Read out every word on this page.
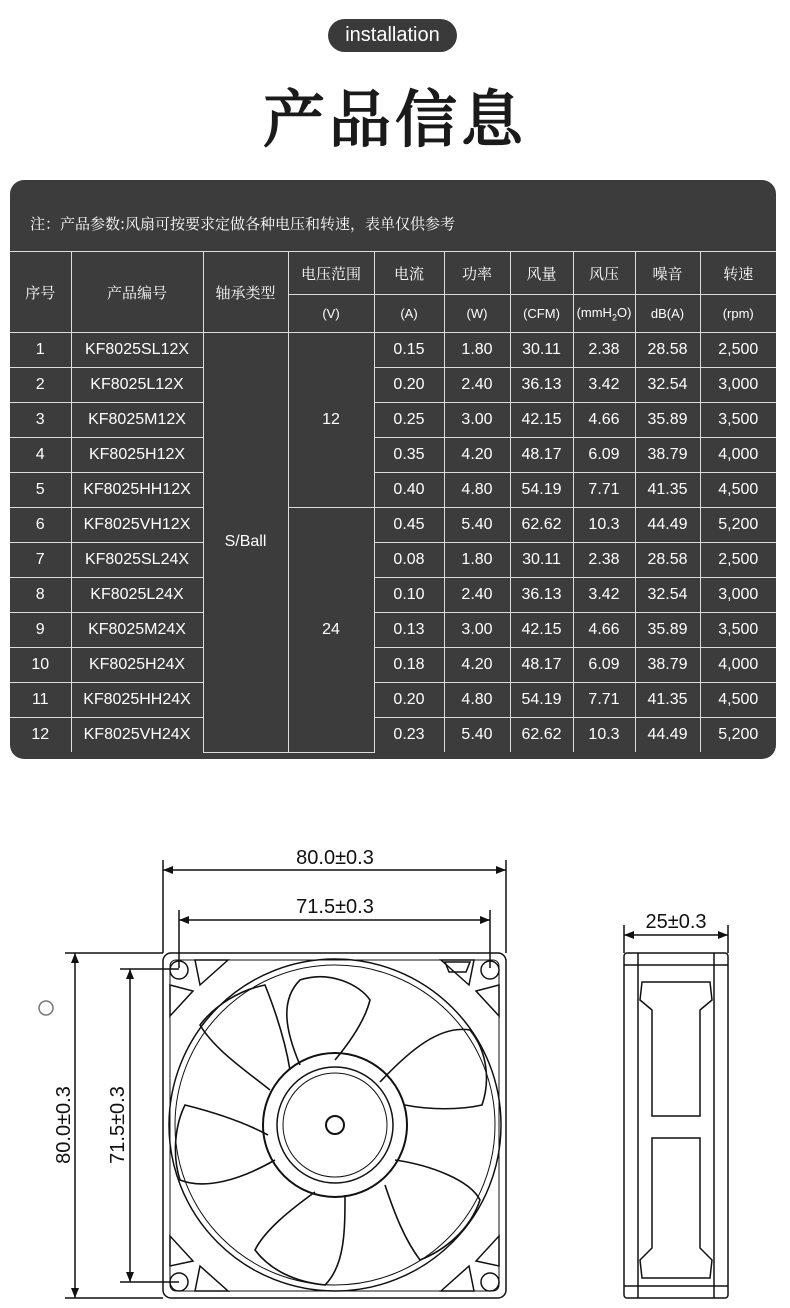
installation
产品信息
注：产品参数:风扇可按要求定做各种电压和转速，表单仅供参考
序号	产品编号	轴承类型	电压范围	电流	功率	风量	风压	噪音	转速
			(V)	(A)	(W)	(CFM)	(mmH$_2$O)	dB(A)	(rpm)
1	KF8025SL12X	S/Ball	12	0.15	1.80	30.11	2.38	28.58	2,500
2	KF8025L12X			0.20	2.40	36.13	3.42	32.54	3,000
3	KF8025M12X			0.25	3.00	42.15	4.66	35.89	3,500
4	KF8025H12X			0.35	4.20	48.17	6.09	38.79	4,000
5	KF8025HH12X			0.40	4.80	54.19	7.71	41.35	4,500
6	KF8025VH12X		24	0.45	5.40	62.62	10.3	44.49	5,200
7	KF8025SL24X			0.08	1.80	30.11	2.38	28.58	2,500
8	KF8025L24X			0.10	2.40	36.13	3.42	32.54	3,000
9	KF8025M24X			0.13	3.00	42.15	4.66	35.89	3,500
10	KF8025H24X			0.18	4.20	48.17	6.09	38.79	4,000
11	KF8025HH24X			0.20	4.80	54.19	7.71	41.35	4,500
12	KF8025VH24X			0.23	5.40	62.62	10.3	44.49	5,200
80.0±0.3
71.5±0.3
80.0±0.3 71.5±0.3
25±0.3
